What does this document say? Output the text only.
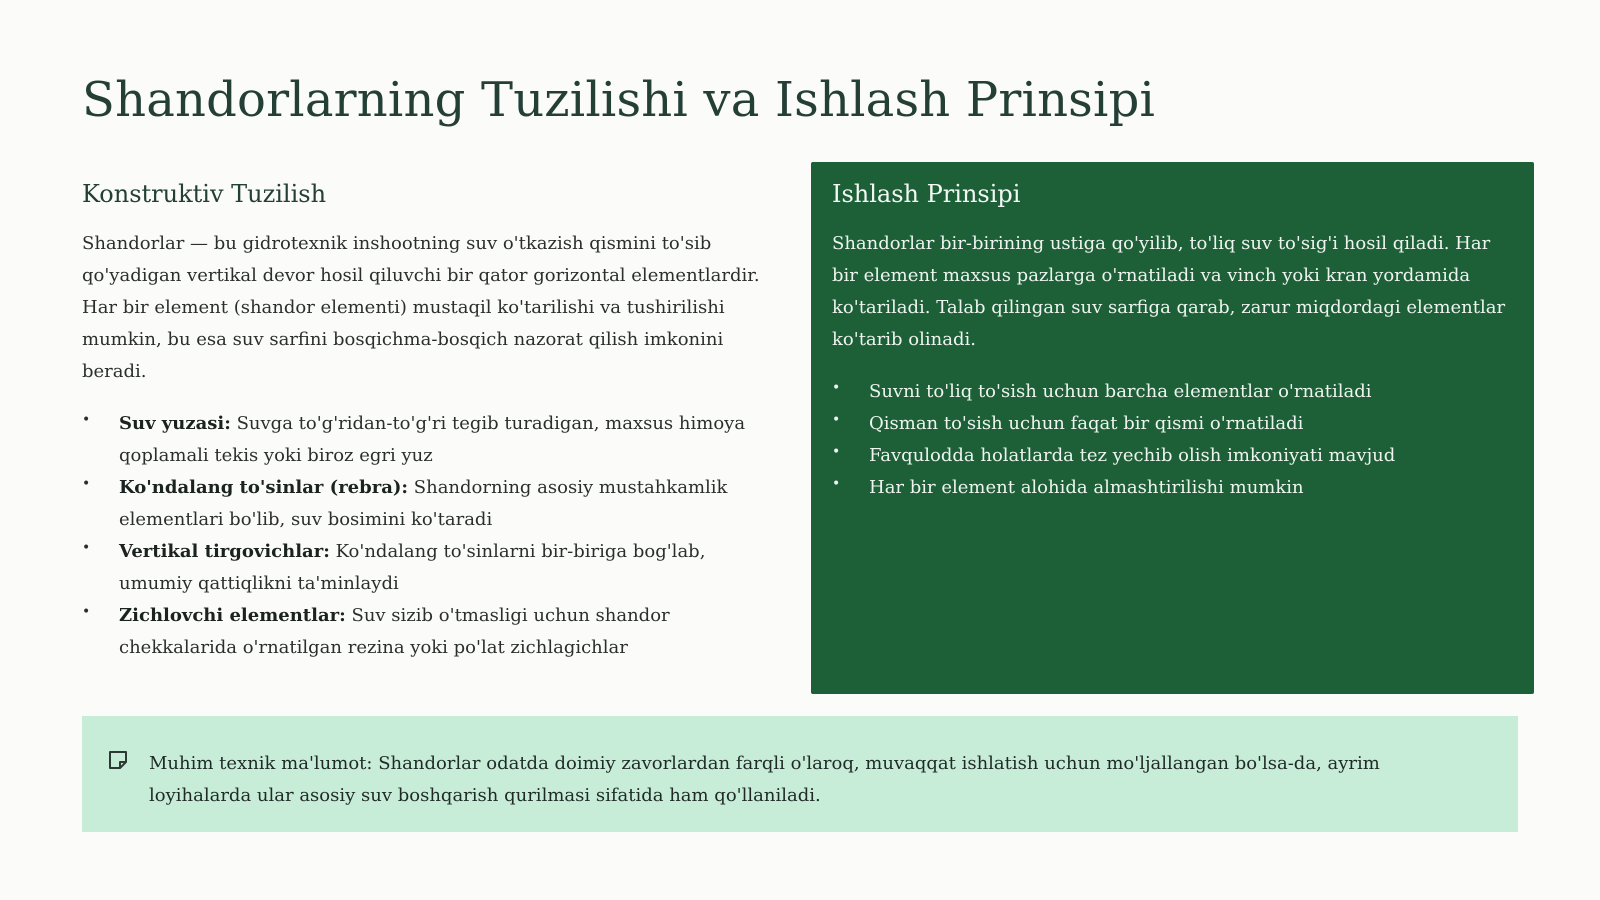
Shandorlarning Tuzilishi va Ishlash Prinsipi
Konstruktiv Tuzilish

Shandorlar — bu gidrotexnik inshootning suv o'tkazish qismini to'sib qo'yadigan vertikal devor hosil qiluvchi bir qator gorizontal elementlardir. Har bir element (shandor elementi) mustaqil ko'tarilishi va tushirilishi mumkin, bu esa suv sarfini bosqichma-bosqich nazorat qilish imkonini beradi.

• Suv yuzasi: Suvga to'g'ridan-to'g'ri tegib turadigan, maxsus himoya qoplamali tekis yoki biroz egri yuz
• Ko'ndalang to'sinlar (rebra): Shandorning asosiy mustahkamlik elementlari bo'lib, suv bosimini ko'taradi
• Vertikal tirgovichlar: Ko'ndalang to'sinlarni bir-biriga bog'lab, umumiy qattiqlikni ta'minlaydi
• Zichlovchi elementlar: Suv sizib o'tmasligi uchun shandor chekkalarida o'rnatilgan rezina yoki po'lat zichlagichlar
Ishlash Prinsipi

Shandorlar bir-birining ustiga qo'yilib, to'liq suv to'sig'i hosil qiladi. Har bir element maxsus pazlarga o'rnatiladi va vinch yoki kran yordamida ko'tariladi. Talab qilingan suv sarfiga qarab, zarur miqdordagi elementlar ko'tarib olinadi.

• Suvni to'liq to'sish uchun barcha elementlar o'rnatiladi
• Qisman to'sish uchun faqat bir qismi o'rnatiladi
• Favqulodda holatlarda tez yechib olish imkoniyati mavjud
• Har bir element alohida almashtirilishi mumkin

Muhim texnik ma'lumot: Shandorlar odatda doimiy zavorlardan farqli o'laroq, muvaqqat ishlatish uchun mo'ljallangan bo'lsa-da, ayrim loyihalarda ular asosiy suv boshqarish qurilmasi sifatida ham qo'llaniladi.
